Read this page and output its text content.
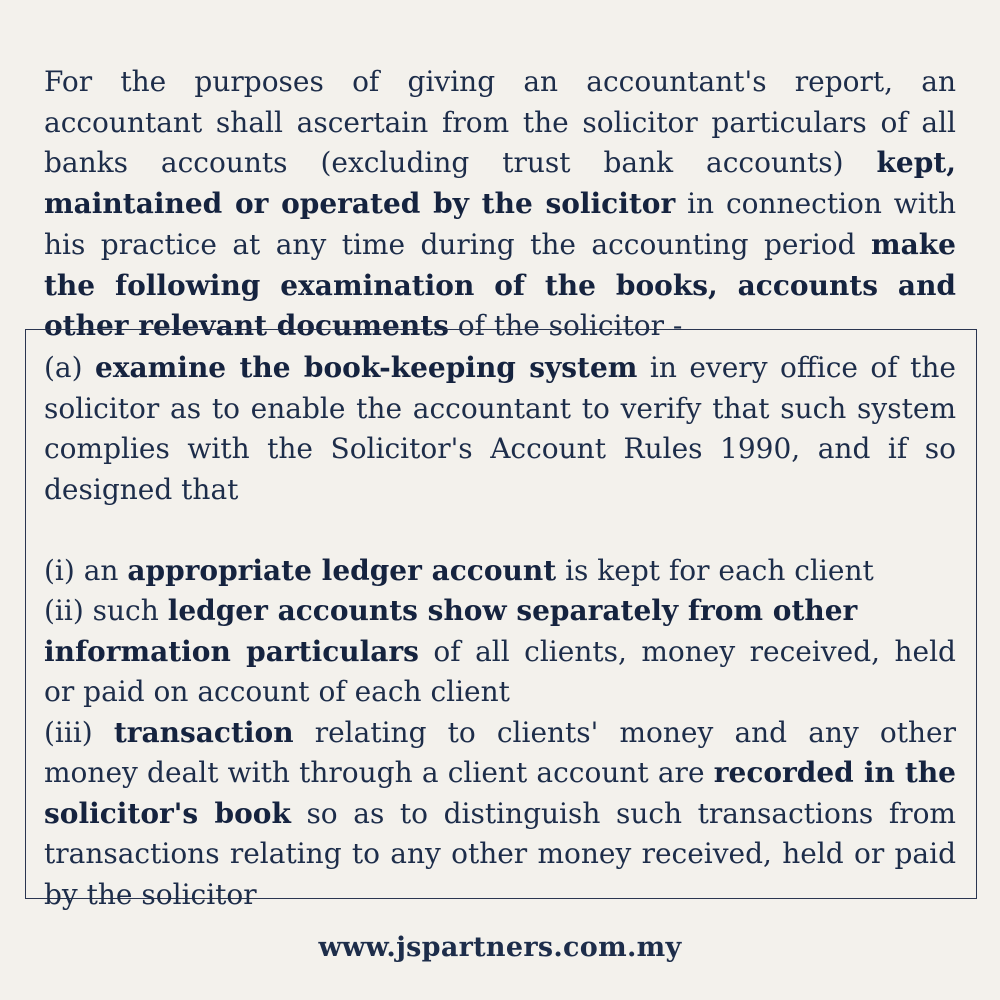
For the purposes of giving an accountant's report, an accountant shall ascertain from the solicitor particulars of all banks accounts (excluding trust bank accounts) kept, maintained or operated by the solicitor in connection with his practice at any time during the accounting period make the following examination of the books, accounts and other relevant documents of the solicitor -
(a) examine the book-keeping system in every office of the solicitor as to enable the accountant to verify that such system complies with the Solicitor's Account Rules 1990, and if so designed that
(i) an appropriate ledger account is kept for each client
(ii) such ledger accounts show separately from other
information particulars of all clients, money received, held or paid on account of each client
(iii) transaction relating to clients' money and any other money dealt with through a client account are recorded in the solicitor's book so as to distinguish such transactions from transactions relating to any other money received, held or paid by the solicitor
www.jspartners.com.my
